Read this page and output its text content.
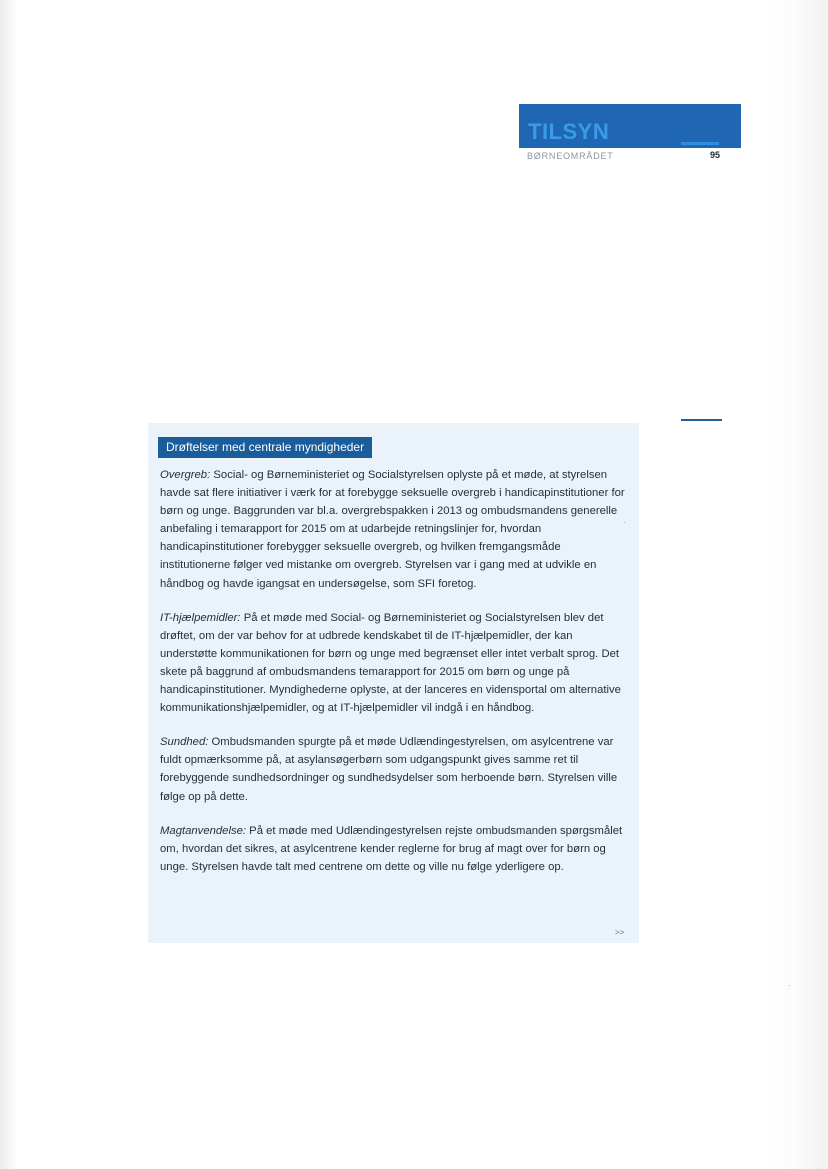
TILSYN
BØRNEOMRÅDET	95
Drøftelser med centrale myndigheder

Overgreb: Social- og Børneministeriet og Socialstyrelsen oplyste på et møde, at styrelsen havde sat flere initiativer i værk for at forebygge seksuelle overgreb i handicapinstitutioner for børn og unge. Baggrunden var bl.a. overgrebspakken i 2013 og ombudsmandens generelle anbefaling i temarapport for 2015 om at udarbejde retningslinjer for, hvordan handicapinstitutioner forebygger seksuelle overgreb, og hvilken fremgangsmåde institutionerne følger ved mistanke om overgreb. Styrelsen var i gang med at udvikle en håndbog og havde igangsat en undersøgelse, som SFI foretog.

IT-hjælpemidler: På et møde med Social- og Børneministeriet og Socialstyrelsen blev det drøftet, om der var behov for at udbrede kendskabet til de IT-hjælpemidler, der kan understøtte kommunikationen for børn og unge med begrænset eller intet verbalt sprog. Det skete på baggrund af ombudsmandens temarapport for 2015 om børn og unge på handicapinstitutioner. Myndighederne oplyste, at der lanceres en vidensportal om alternative kommunikationshjælpemidler, og at IT-hjælpemidler vil indgå i en håndbog.

Sundhed: Ombudsmanden spurgte på et møde Udlændingestyrelsen, om asylcentrene var fuldt opmærksomme på, at asylansøgerbørn som udgangspunkt gives samme ret til forebyggende sundhedsordninger og sundhedsydelser som herboende børn. Styrelsen ville følge op på dette.

Magtanvendelse: På et møde med Udlændingestyrelsen rejste ombudsmanden spørgsmålet om, hvordan det sikres, at asylcentrene kender reglerne for brug af magt over for børn og unge. Styrelsen havde talt med centrene om dette og ville nu følge yderligere op.

>>
